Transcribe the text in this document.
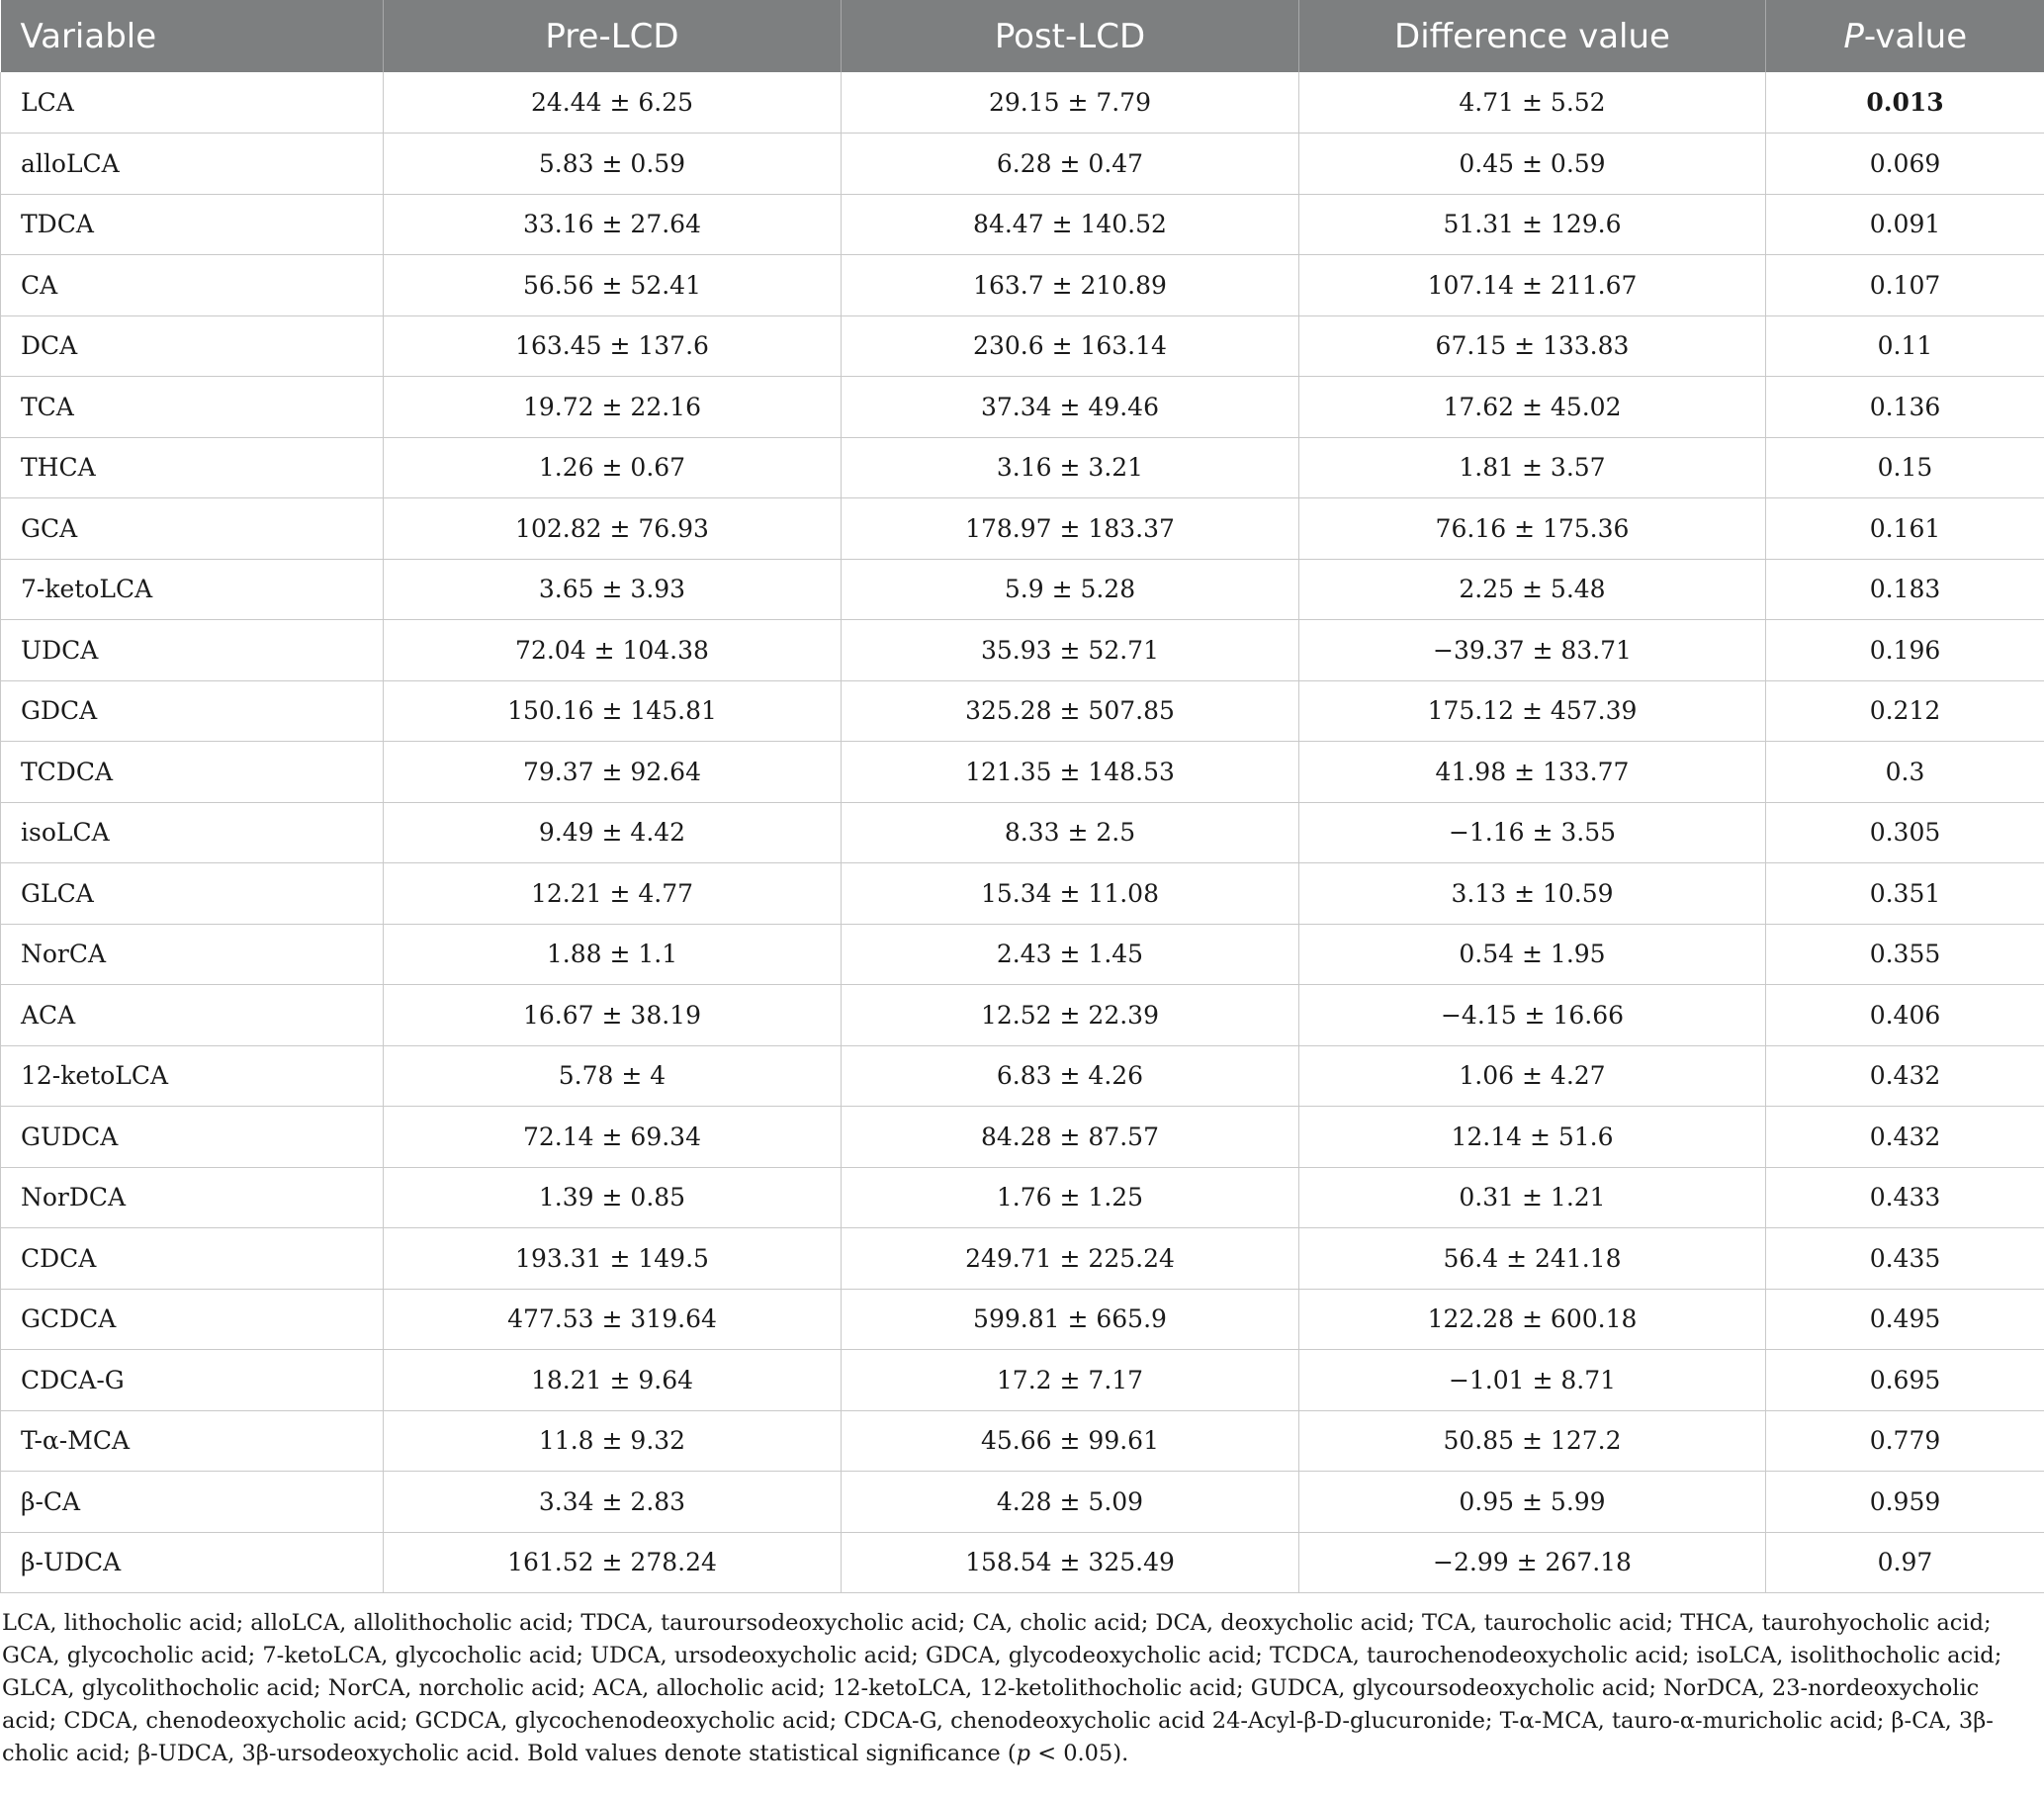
Variable	Pre-LCD	Post-LCD	Difference value	P-value
LCA	24.44 ± 6.25	29.15 ± 7.79	4.71 ± 5.52	0.013
alloLCA	5.83 ± 0.59	6.28 ± 0.47	0.45 ± 0.59	0.069
TDCA	33.16 ± 27.64	84.47 ± 140.52	51.31 ± 129.6	0.091
CA	56.56 ± 52.41	163.7 ± 210.89	107.14 ± 211.67	0.107
DCA	163.45 ± 137.6	230.6 ± 163.14	67.15 ± 133.83	0.11
TCA	19.72 ± 22.16	37.34 ± 49.46	17.62 ± 45.02	0.136
THCA	1.26 ± 0.67	3.16 ± 3.21	1.81 ± 3.57	0.15
GCA	102.82 ± 76.93	178.97 ± 183.37	76.16 ± 175.36	0.161
7-ketoLCA	3.65 ± 3.93	5.9 ± 5.28	2.25 ± 5.48	0.183
UDCA	72.04 ± 104.38	35.93 ± 52.71	−39.37 ± 83.71	0.196
GDCA	150.16 ± 145.81	325.28 ± 507.85	175.12 ± 457.39	0.212
TCDCA	79.37 ± 92.64	121.35 ± 148.53	41.98 ± 133.77	0.3
isoLCA	9.49 ± 4.42	8.33 ± 2.5	−1.16 ± 3.55	0.305
GLCA	12.21 ± 4.77	15.34 ± 11.08	3.13 ± 10.59	0.351
NorCA	1.88 ± 1.1	2.43 ± 1.45	0.54 ± 1.95	0.355
ACA	16.67 ± 38.19	12.52 ± 22.39	−4.15 ± 16.66	0.406
12-ketoLCA	5.78 ± 4	6.83 ± 4.26	1.06 ± 4.27	0.432
GUDCA	72.14 ± 69.34	84.28 ± 87.57	12.14 ± 51.6	0.432
NorDCA	1.39 ± 0.85	1.76 ± 1.25	0.31 ± 1.21	0.433
CDCA	193.31 ± 149.5	249.71 ± 225.24	56.4 ± 241.18	0.435
GCDCA	477.53 ± 319.64	599.81 ± 665.9	122.28 ± 600.18	0.495
CDCA-G	18.21 ± 9.64	17.2 ± 7.17	−1.01 ± 8.71	0.695
T-α-MCA	11.8 ± 9.32	45.66 ± 99.61	50.85 ± 127.2	0.779
β-CA	3.34 ± 2.83	4.28 ± 5.09	0.95 ± 5.99	0.959
β-UDCA	161.52 ± 278.24	158.54 ± 325.49	−2.99 ± 267.18	0.97
LCA, lithocholic acid; alloLCA, allolithocholic acid; TDCA, tauroursodeoxycholic acid; CA, cholic acid; DCA, deoxycholic acid; TCA, taurocholic acid; THCA, taurohyocholic acid; GCA, glycocholic acid; 7-ketoLCA, glycocholic acid; UDCA, ursodeoxycholic acid; GDCA, glycodeoxycholic acid; TCDCA, taurochenodeoxycholic acid; isoLCA, isolithocholic acid; GLCA, glycolithocholic acid; NorCA, norcholic acid; ACA, allocholic acid; 12-ketoLCA, 12-ketolithocholic acid; GUDCA, glycoursodeoxycholic acid; NorDCA, 23-nordeoxycholic acid; CDCA, chenodeoxycholic acid; GCDCA, glycochenodeoxycholic acid; CDCA-G, chenodeoxycholic acid 24-Acyl-β-D-glucuronide; T-α-MCA, tauro-α-muricholic acid; β-CA, 3β-cholic acid; β-UDCA, 3β-ursodeoxycholic acid. Bold values denote statistical significance (p < 0.05).
